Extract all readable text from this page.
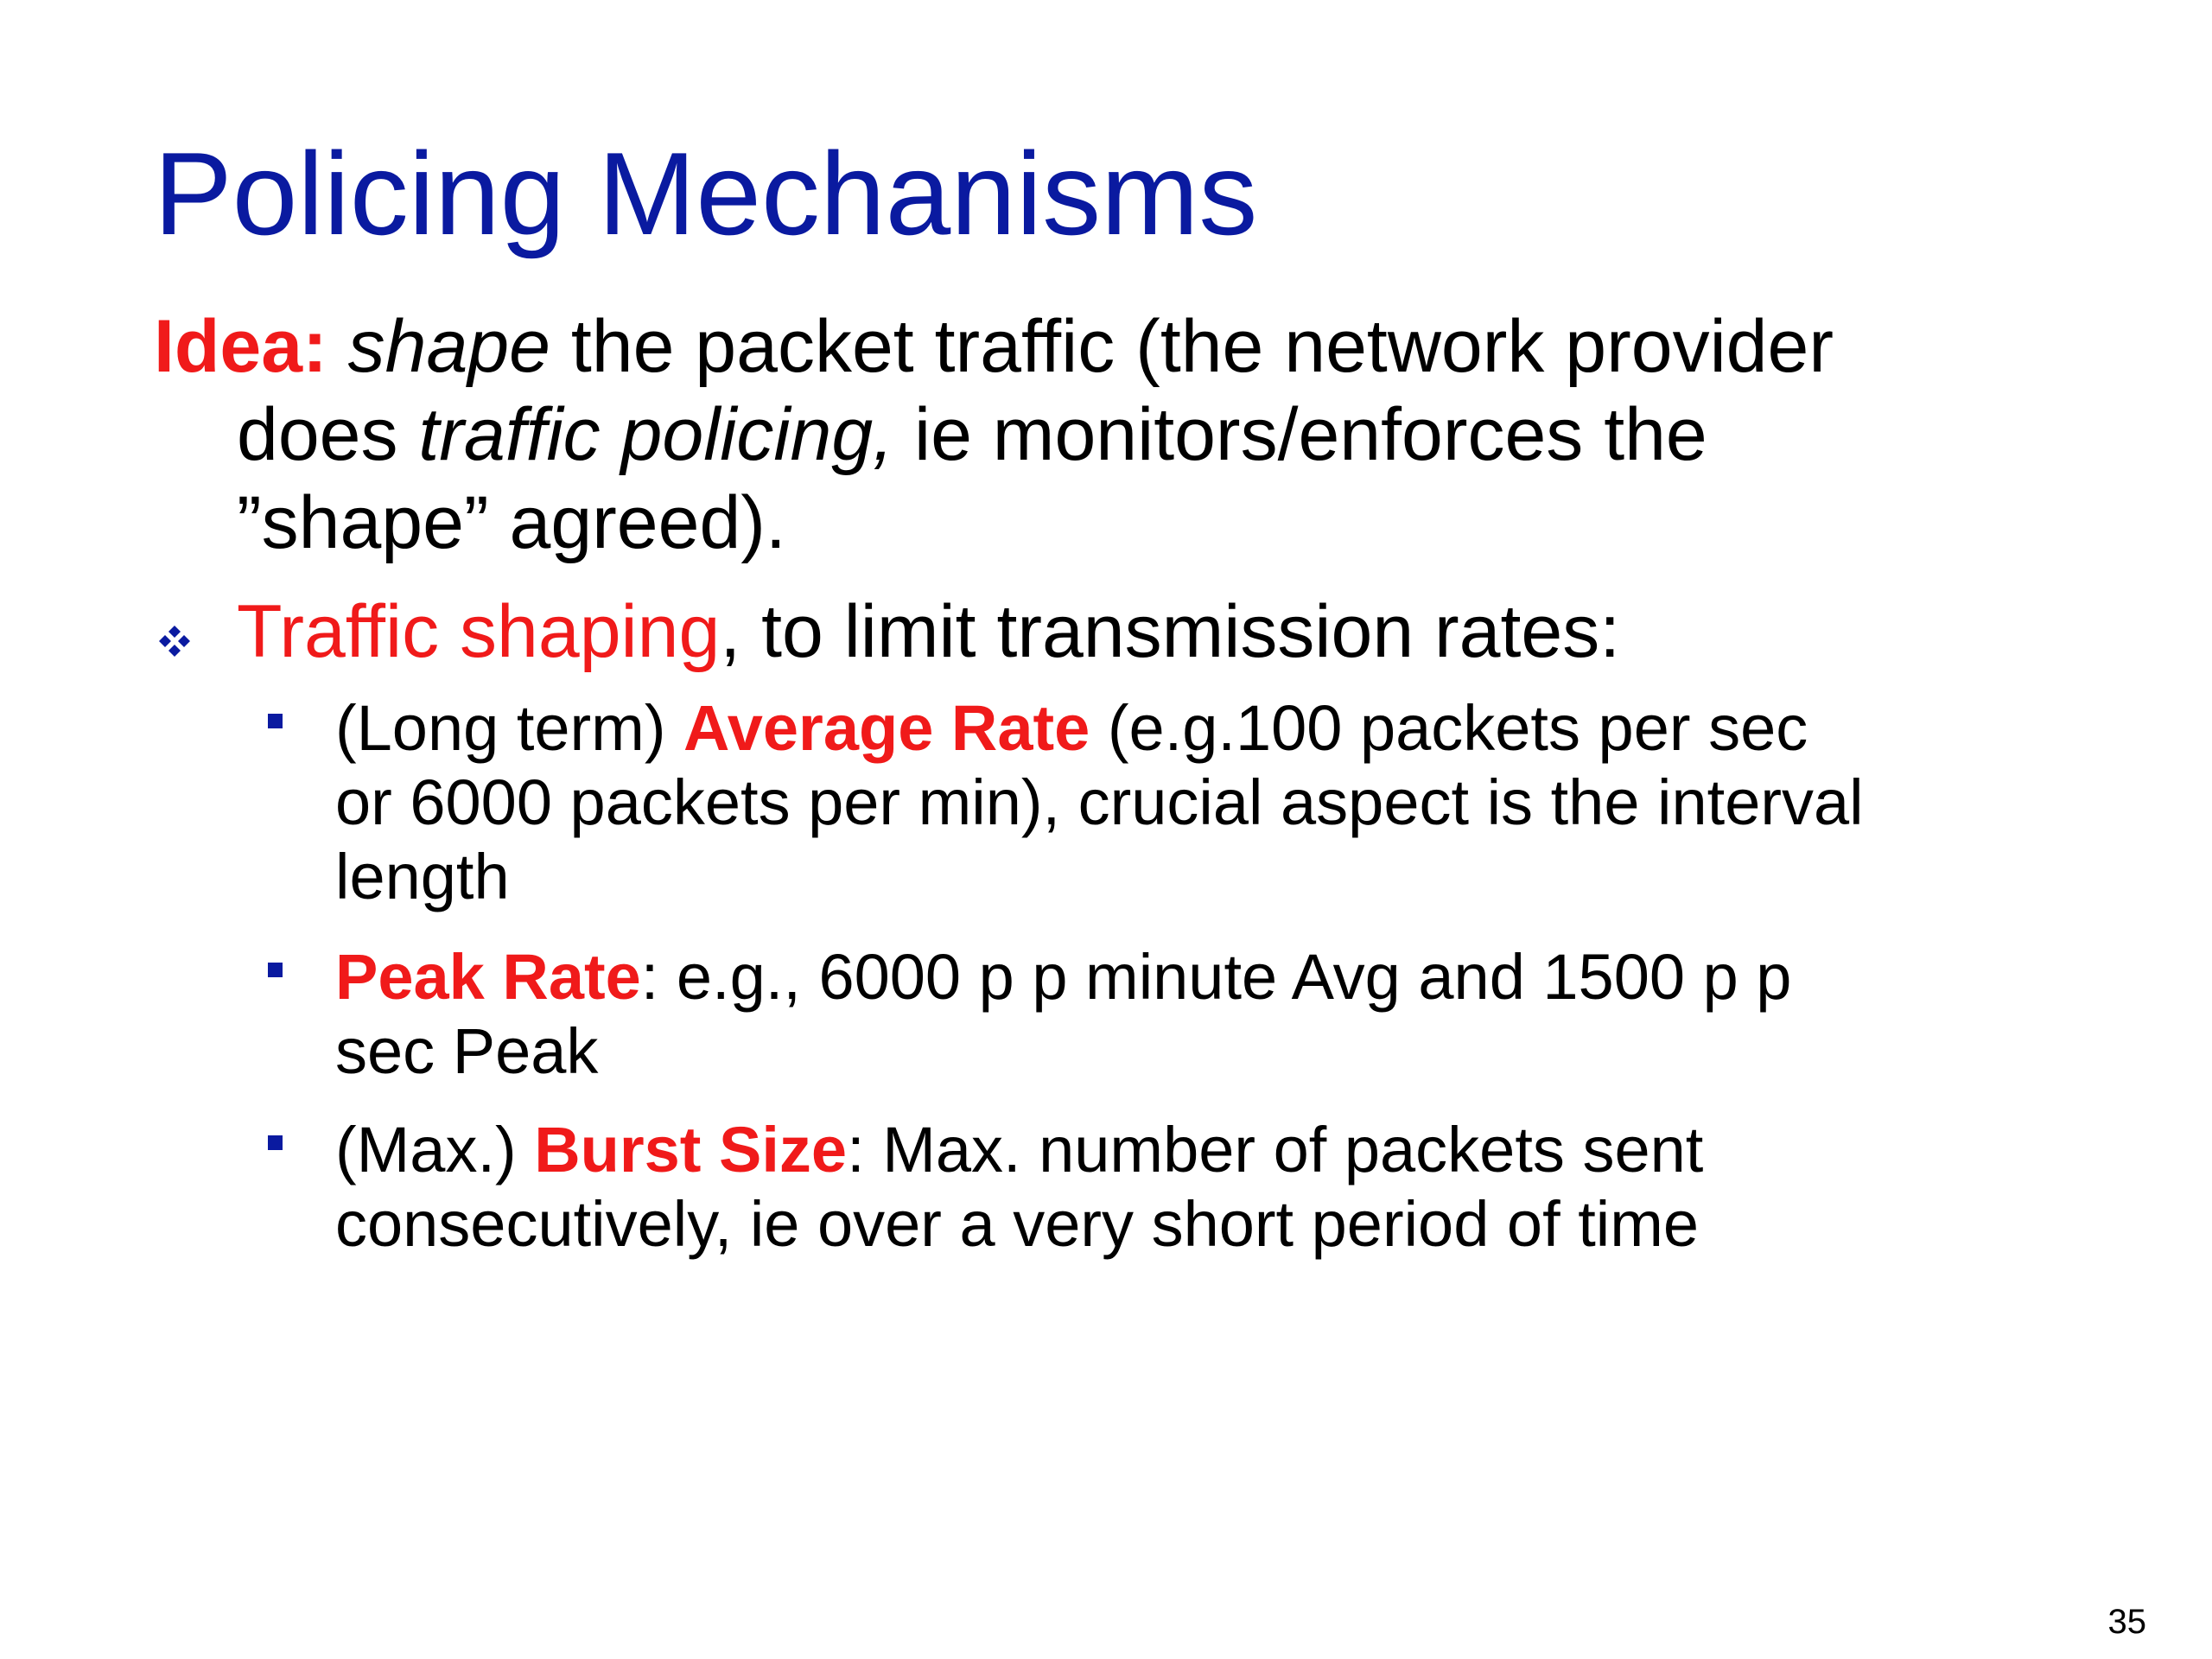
Policing Mechanisms
Idea: shape the packet traffic (the network provider
does traffic policing, ie monitors/enforces the
”shape” agreed).
Traffic shaping, to limit transmission rates:
(Long term) Average Rate (e.g.100 packets per sec
or 6000 packets per min), crucial aspect is the interval
length
Peak Rate: e.g., 6000 p p minute Avg and 1500 p p
sec Peak
(Max.) Burst Size: Max. number of packets sent
consecutively, ie over a very short period of time
35
